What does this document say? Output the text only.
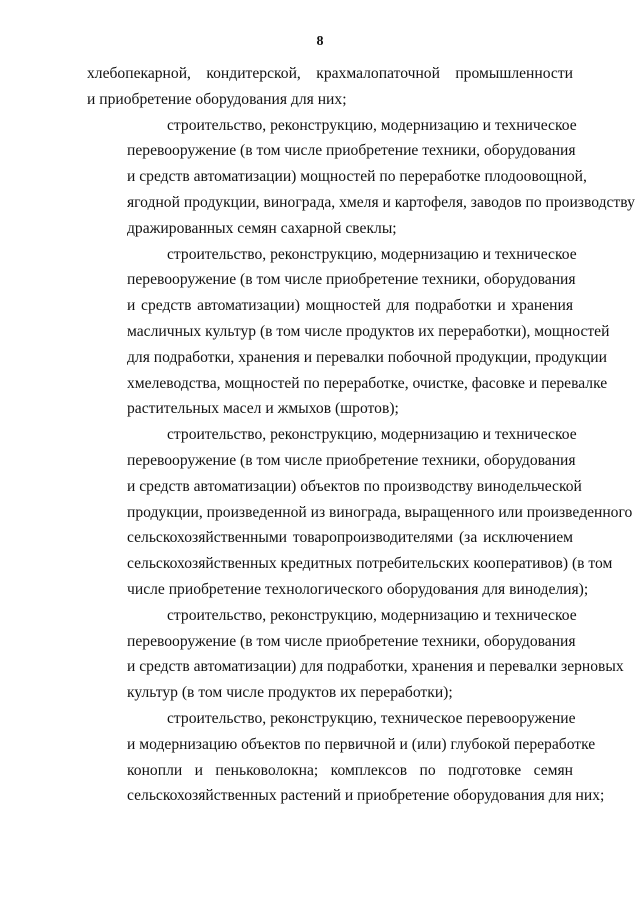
8
хлебопекарной, кондитерской, крахмалопаточной промышленности
и приобретение оборудования для них;
строительство, реконструкцию, модернизацию и техническое
перевооружение (в том числе приобретение техники, оборудования
и средств автоматизации) мощностей по переработке плодоовощной,
ягодной продукции, винограда, хмеля и картофеля, заводов по производству
дражированных семян сахарной свеклы;
строительство, реконструкцию, модернизацию и техническое
перевооружение (в том числе приобретение техники, оборудования
и средств автоматизации) мощностей для подработки и хранения
масличных культур (в том числе продуктов их переработки), мощностей
для подработки, хранения и перевалки побочной продукции, продукции
хмелеводства, мощностей по переработке, очистке, фасовке и перевалке
растительных масел и жмыхов (шротов);
строительство, реконструкцию, модернизацию и техническое
перевооружение (в том числе приобретение техники, оборудования
и средств автоматизации) объектов по производству винодельческой
продукции, произведенной из винограда, выращенного или произведенного
сельскохозяйственными товаропроизводителями (за исключением
сельскохозяйственных кредитных потребительских кооперативов) (в том
числе приобретение технологического оборудования для виноделия);
строительство, реконструкцию, модернизацию и техническое
перевооружение (в том числе приобретение техники, оборудования
и средств автоматизации) для подработки, хранения и перевалки зерновых
культур (в том числе продуктов их переработки);
строительство, реконструкцию, техническое перевооружение
и модернизацию объектов по первичной и (или) глубокой переработке
конопли и пеньковолокна; комплексов по подготовке семян
сельскохозяйственных растений и приобретение оборудования для них;
